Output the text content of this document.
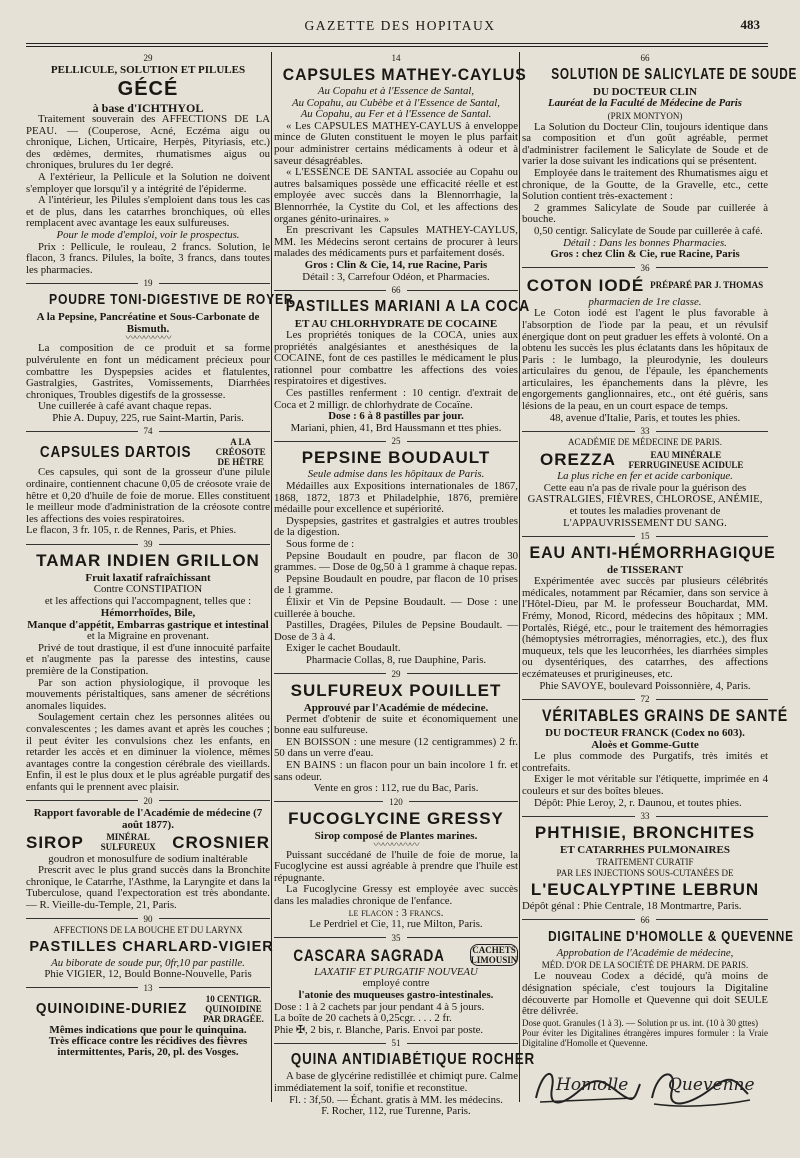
GAZETTE DES HOPITAUX	483
29
PELLICULE, SOLUTION ET PILULES
GÉCÉ
à base d'ICHTHYOL

Traitement souverain des AFFECTIONS DE LA PEAU. — (Couperose, Acné, Eczéma aigu ou chronique, Lichen, Urticaire, Herpès, Pityriasis, etc.) des œdèmes, dermites, rhumatismes aigus ou chroniques, brulures du 1er degré.

A l'extérieur, la Pellicule et la Solution ne doivent s'employer que lorsqu'il y a intégrité de l'épiderme.

A l'intérieur, les Pilules s'emploient dans tous les cas et de plus, dans les catarrhes bronchiques, où elles remplacent avec avantage les eaux sulfureuses.

Pour le mode d'emploi, voir le prospectus.

Prix : Pellicule, le rouleau, 2 francs. Solution, le flacon, 3 francs. Pilules, la boîte, 3 francs, dans toutes les pharmacies.

19
POUDRE TONI-DIGESTIVE DE ROYER
A la Pepsine, Pancréatine et Sous-Carbonate de Bismuth.
〰〰〰〰〰

La composition de ce produit et sa forme pulvérulente en font un médicament précieux pour combattre les Dyspepsies acides et flatulentes, Gastralgies, Gastrites, Vomissements, Diarrhées chroniques, Troubles digestifs de la grossesse.

Une cuillerée à café avant chaque repas.

Phie A. Dupuy, 225, rue Saint-Martin, Paris.

74
CAPSULES DARTOIS
A LA CRÉOSOTE DE HÊTRE

Ces capsules, qui sont de la grosseur d'une pilule ordinaire, contiennent chacune 0,05 de créosote vraie de hêtre et 0,20 d'huile de foie de morue. Elles constituent le meilleur mode d'administration de la créosote contre les affections des voies respiratoires.

Le flacon, 3 fr. 105, r. de Rennes, Paris, et Phies.

39
TAMAR INDIEN GRILLON
Fruit laxatif rafraîchissant
Contre CONSTIPATION
et les affections qui l'accompagnent, telles que :
Hémorrhoïdes, Bile,
Manque d'appétit, Embarras gastrique et intestinal
et la Migraine en provenant.

Privé de tout drastique, il est d'une innocuité parfaite et n'augmente pas la paresse des intestins, cause première de la Constipation.

Par son action physiologique, il provoque les mouvements péristaltiques, sans amener de sécrétions anomales liquides.

Soulagement certain chez les personnes alitées ou convalescentes ; les dames avant et après les couches ; il peut éviter les convulsions chez les enfants, en retarder les accès et en diminuer la violence, mêmes avantages contre la congestion cérébrale des vieillards. Enfin, il est le plus doux et le plus agréable purgatif des enfants qui le prennent avec plaisir.

20
Rapport favorable de l'Académie de médecine (7 août 1877).
SIROP	MINÉRAL SULFUREUX CROSNIER
goudron et monosulfure de sodium inaltérable

Prescrit avec le plus grand succès dans la Bronchite chronique, le Catarrhe, l'Asthme, la Laryngite et dans la Tuberculose, quand l'expectoration est très abondante. — R. Vieille-du-Temple, 21, Paris.

90
AFFECTIONS DE LA BOUCHE ET DU LARYNX
PASTILLES CHARLARD-VIGIER

Au biborate de soude pur, 0fr,10 par pastille.

Phie VIGIER, 12, Bould Bonne-Nouvelle, Paris

13
QUINOIDINE-DURIEZ
10 CENTIGR. QUINOIDINE PAR DRAGÉE.
Mêmes indications que pour le quinquina.
Très efficace contre les récidives des fièvres intermittentes, Paris, 20, pl. des Vosges.
14
CAPSULES MATHEY-CAYLUS
Au Copahu et à l'Essence de Santal,
Au Copahu, au Cubèbe et à l'Essence de Santal,
Au Copahu, au Fer et à l'Essence de Santal.

« Les CAPSULES MATHEY-CAYLUS à enveloppe mince de Gluten constituent le moyen le plus parfait pour administrer certains médicaments à odeur et à saveur désagréables.

« L'ESSENCE DE SANTAL associée au Copahu ou autres balsamiques possède une efficacité réelle et est employée avec succès dans la Blennorrhagie, la Blennorrhée, la Cystite du Col, et les affections des organes génito-urinaires. »

En prescrivant les Capsules MATHEY-CAYLUS, MM. les Médecins seront certains de procurer à leurs malades des médicaments purs et parfaitement dosés.

Gros : Clin & Cie, 14, rue Racine, Paris

Détail : 3, Carrefour Odéon, et Pharmacies.

66
PASTILLES MARIANI A LA COCA
ET AU CHLORHYDRATE DE COCAINE

Les propriétés toniques de la COCA, unies aux propriétés analgésiantes et anesthésiques de la COCAINE, font de ces pastilles le médicament le plus rationnel pour combattre les affections des voies respiratoires et digestives.

Ces pastilles renferment : 10 centigr. d'extrait de Coca et 2 milligr. de chlorhydrate de Cocaïne.

Dose : 6 à 8 pastilles par jour.

Mariani, phien, 41, Brd Haussmann et ttes phies.

25
PEPSINE BOUDAULT
Seule admise dans les hôpitaux de Paris.

Médailles aux Expositions internationales de 1867, 1868, 1872, 1873 et Philadelphie, 1876, première médaille pour excellence et supériorité.

Dyspepsies, gastrites et gastralgies et autres troubles de la digestion.

Sous forme de :

Pepsine Boudault en poudre, par flacon de 30 grammes. — Dose de 0g,50 à 1 gramme à chaque repas.

Pepsine Boudault en poudre, par flacon de 10 prises de 1 gramme.

Élixir et Vin de Pepsine Boudault. — Dose : une cuillerée à bouche.

Pastilles, Dragées, Pilules de Pepsine Boudault. — Dose de 3 à 4.

Exiger le cachet Boudault.

Pharmacie Collas, 8, rue Dauphine, Paris.

29
SULFUREUX POUILLET
Approuvé par l'Académie de médecine.

Permet d'obtenir de suite et économiquement une bonne eau sulfureuse.

EN BOISSON : une mesure (12 centigrammes) 2 fr. 50 dans un verre d'eau.

EN BAINS : un flacon pour un bain incolore 1 fr. et sans odeur.

Vente en gros : 112, rue du Bac, Paris.

120
FUCOGLYCINE GRESSY
Sirop composé de Plantes marines.
〰〰〰〰〰

Puissant succédané de l'huile de foie de morue, la Fucoglycine est aussi agréable à prendre que l'huile est répugnante.

La Fucoglycine Gressy est employée avec succès dans les maladies chronique de l'enfance.

le flacon : 3 francs.

Le Perdriel et Cie, 11, rue Milton, Paris.

35
CASCARA SAGRADA	CACHETS LIMOUSIN
LAXATIF ET PURGATIF NOUVEAU
employé contre
l'atonie des muqueuses gastro-intestinales.

Dose : 1 à 2 cachets par jour pendant 4 à 5 jours.

La boîte de 20 cachets à 0,25cgr. . . . 2 fr.

Phie ✠, 2 bis, r. Blanche, Paris. Envoi par poste.

51
QUINA ANTIDIABÉTIQUE ROCHER

A base de glycérine redistillée et chimiqt pure. Calme immédiatement la soif, tonifie et reconstitue.

Fl. : 3f,50. — Échant. gratis à MM. les médecins.

F. Rocher, 112, rue Turenne, Paris.

66
SOLUTION DE SALICYLATE DE SOUDE
DU DOCTEUR CLIN
Lauréat de la Faculté de Médecine de Paris
(PRIX MONTYON)

La Solution du Docteur Clin, toujours identique dans sa composition et d'un goût agréable, permet d'administrer facilement le Salicylate de Soude et de varier la dose suivant les indications qui se présentent.

Employée dans le traitement des Rhumatismes aigu et chronique, de la Goutte, de la Gravelle, etc., cette Solution contient très-exactement :

2 grammes Salicylate de Soude par cuillerée à bouche.

0,50 centigr. Salicylate de Soude par cuillerée à café.

Détail : Dans les bonnes Pharmacies.

Gros : chez Clin & Cie, rue Racine, Paris

36
COTON IODÉ PRÉPARÉ PAR J. THOMAS
pharmacien de 1re classe.

Le Coton iodé est l'agent le plus favorable à l'absorption de l'iode par la peau, et un révulsif énergique dont on peut graduer les effets à volonté. On a obtenu les succès les plus éclatants dans les hôpitaux de Paris : le lumbago, la pleurodynie, les douleurs articulaires du genou, de l'épaule, les épanchements articulaires, les épanchements dans la plèvre, les engorgements ganglionnaires, etc., ont été guéris, sans lésions de la peau, en un court espace de temps.

48, avenue d'Italie, Paris, et toutes les phies.

33
ACADÉMIE DE MÉDECINE DE PARIS.
OREZZA	EAU MINÉRALE FERRUGINEUSE ACIDULE
La plus riche en fer et acide carbonique.
Cette eau n'a pas de rivale pour la guérison des
GASTRALGIES, FIÈVRES, CHLOROSE, ANÉMIE,
et toutes les maladies provenant de
L'APPAUVRISSEMENT DU SANG.
15
EAU ANTI-HÉMORRHAGIQUE
de TISSERANT

Expérimentée avec succès par plusieurs célébrités médicales, notamment par Récamier, dans son service à l'Hôtel-Dieu, par M. le professeur Bouchardat, MM. Frémy, Monod, Ricord, médecins des hôpitaux ; MM. Portalès, Riégé, etc., pour le traitement des hémorragies (hémoptysies métrorragies, ménorragies, etc.), des flux muqueux, tels que les leucorrhées, les diarrhées simples ou dysentériques, des catarrhes, des affections eczémateuses et prurigineuses, etc.

Phie SAVOYE, boulevard Poissonnière, 4, Paris.

72
VÉRITABLES GRAINS DE SANTÉ
DU DOCTEUR FRANCK (Codex no 603).
Aloès et Gomme-Gutte

Le plus commode des Purgatifs, très imités et contrefaits.

Exiger le mot véritable sur l'étiquette, imprimée en 4 couleurs et sur des boîtes bleues.

Dépôt: Phie Leroy, 2, r. Daunou, et toutes phies.

33
PHTHISIE, BRONCHITES
ET CATARRHES PULMONAIRES
TRAITEMENT CURATIF
PAR LES INJECTIONS SOUS-CUTANÉES DE
L'EUCALYPTINE LEBRUN

Dépôt génal : Phie Centrale, 18 Montmartre, Paris.

66
DIGITALINE D'HOMOLLE & QUEVENNE
Approbation de l'Académie de médecine,
MÉD. D'OR DE LA SOCIÉTÉ DE PHARM. DE PARIS.

Le nouveau Codex a décidé, qu'à moins de désignation spéciale, c'est toujours la Digitaline découverte par Homolle et Quevenne qui doit SEULE être délivrée.

Dose quot. Granules (1 à 3). — Solution pr us. int. (10 à 30 gttes)

Pour éviter les Digitalines étrangères impures formuler : la Vraie Digitaline d'Homolle et Quevenne.

Homolle Quevenne
